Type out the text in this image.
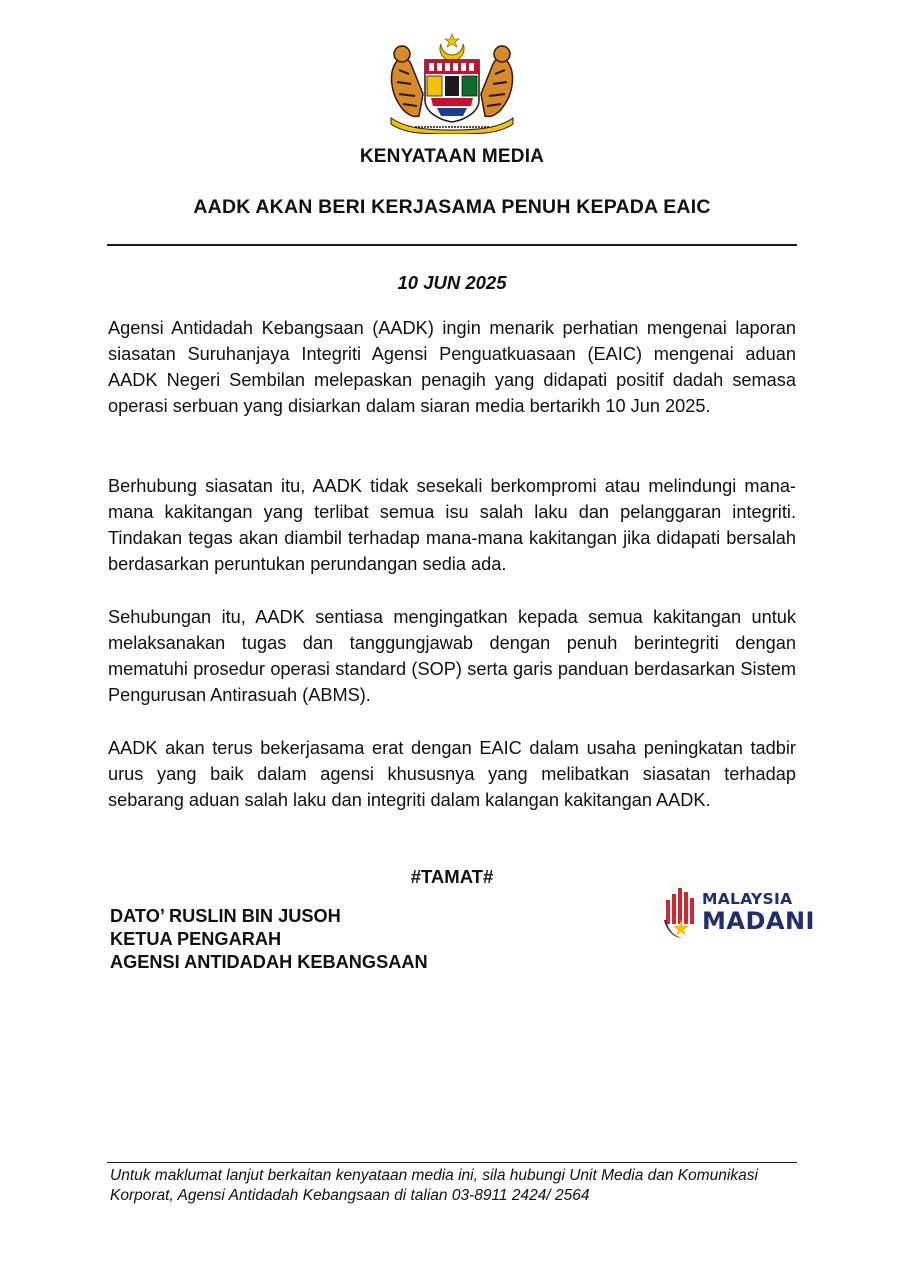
KENYATAAN MEDIA
AADK AKAN BERI KERJASAMA PENUH KEPADA EAIC
10 JUN 2025

Agensi Antidadah Kebangsaan (AADK) ingin menarik perhatian mengenai laporan siasatan Suruhanjaya Integriti Agensi Penguatkuasaan (EAIC) mengenai aduan AADK Negeri Sembilan melepaskan penagih yang didapati positif dadah semasa operasi serbuan yang disiarkan dalam siaran media bertarikh 10 Jun 2025.

Berhubung siasatan itu, AADK tidak sesekali berkompromi atau melindungi mana-mana kakitangan yang terlibat semua isu salah laku dan pelanggaran integriti. Tindakan tegas akan diambil terhadap mana-mana kakitangan jika didapati bersalah berdasarkan peruntukan perundangan sedia ada.

Sehubungan itu, AADK sentiasa mengingatkan kepada semua kakitangan untuk melaksanakan tugas dan tanggungjawab dengan penuh berintegriti dengan mematuhi prosedur operasi standard (SOP) serta garis panduan berdasarkan Sistem Pengurusan Antirasuah (ABMS).

AADK akan terus bekerjasama erat dengan EAIC dalam usaha peningkatan tadbir urus yang baik dalam agensi khususnya yang melibatkan siasatan terhadap sebarang aduan salah laku dan integriti dalam kalangan kakitangan AADK.

#TAMAT#
DATO’ RUSLIN BIN JUSOH
KETUA PENGARAH
AGENSI ANTIDADAH KEBANGSAAN
MALAYSIA
MADANI
Untuk maklumat lanjut berkaitan kenyataan media ini, sila hubungi Unit Media dan Komunikasi Korporat, Agensi Antidadah Kebangsaan di talian 03-8911 2424/ 2564
